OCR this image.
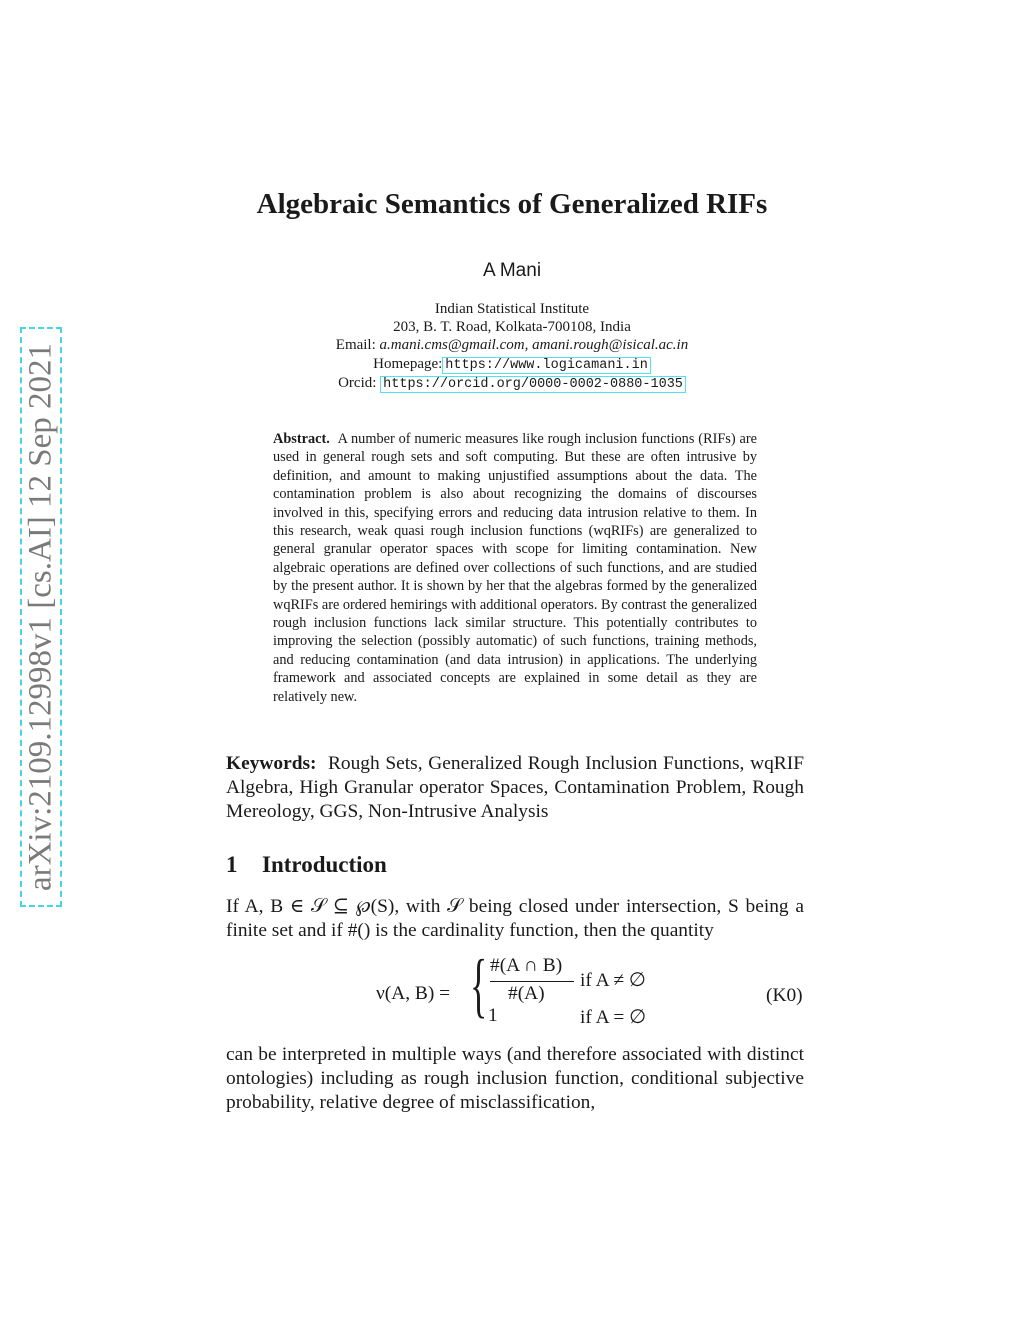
arXiv:2109.12998v1 [cs.AI] 12 Sep 2021
Algebraic Semantics of Generalized RIFs
A Mani
Indian Statistical Institute
203, B. T. Road, Kolkata-700108, India
Email: a.mani.cms@gmail.com, amani.rough@isical.ac.in
Homepage: https://www.logicamani.in
Orcid: https://orcid.org/0000-0002-0880-1035
Abstract. A number of numeric measures like rough inclusion functions (RIFs) are used in general rough sets and soft computing. But these are often intrusive by definition, and amount to making unjustified assumptions about the data. The contamination problem is also about recognizing the domains of discourses involved in this, specifying errors and reducing data intrusion relative to them. In this research, weak quasi rough inclusion functions (wqRIFs) are generalized to general granular operator spaces with scope for limiting contamination. New algebraic operations are defined over collections of such functions, and are studied by the present author. It is shown by her that the algebras formed by the generalized wqRIFs are ordered hemirings with additional operators. By contrast the generalized rough inclusion functions lack similar structure. This potentially contributes to improving the selection (possibly automatic) of such functions, training methods, and reducing contamination (and data intrusion) in applications. The underlying framework and associated concepts are explained in some detail as they are relatively new.
Keywords: Rough Sets, Generalized Rough Inclusion Functions, wqRIF Algebra, High Granular operator Spaces, Contamination Problem, Rough Mereology, GGS, Non-Intrusive Analysis
1 Introduction
If A, B ∈ 𝒮 ⊆ ℘(S), with 𝒮 being closed under intersection, S being a finite set and if #() is the cardinality function, then the quantity
ν(A, B) = { #(A ∩ B)
#(A)
if A ≠ ∅
1	if A = ∅
(K0)
can be interpreted in multiple ways (and therefore associated with distinct ontologies) including as rough inclusion function, conditional subjective probability, relative degree of misclassification,
